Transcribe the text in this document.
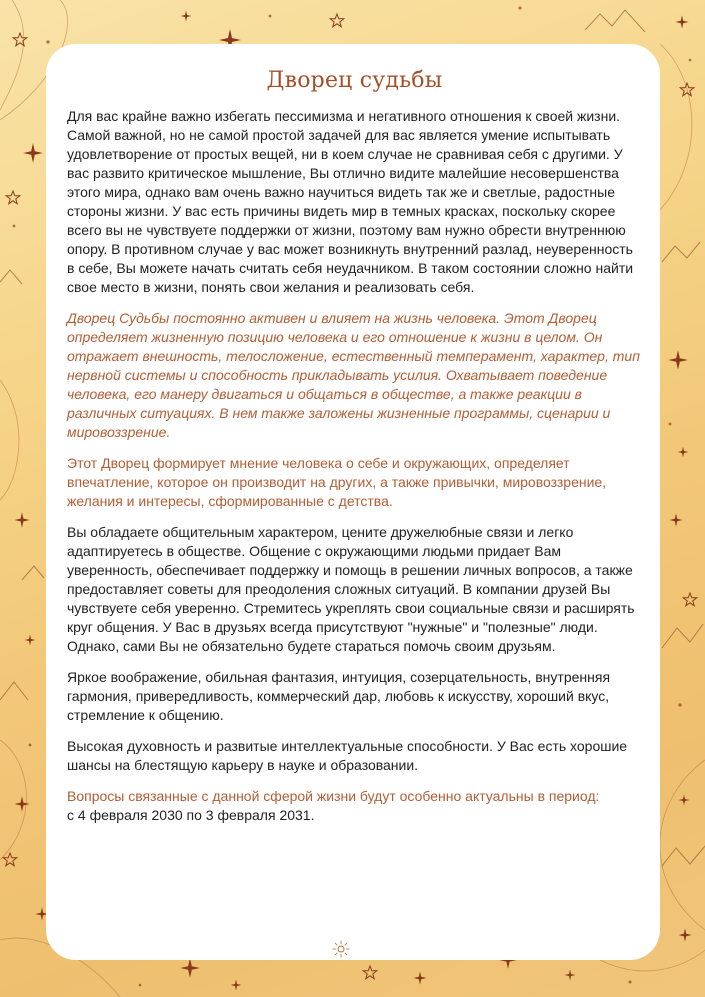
Дворец судьбы

Для вас крайне важно избегать пессимизма и негативного отношения к своей жизни. Самой важной, но не самой простой задачей для вас является умение испытывать удовлетворение от простых вещей, ни в коем случае не сравнивая себя с другими. У вас развито критическое мышление, Вы отлично видите малейшие несовершенства этого мира, однако вам очень важно научиться видеть так же и светлые, радостные стороны жизни. У вас есть причины видеть мир в темных красках, поскольку скорее всего вы не чувствуете поддержки от жизни, поэтому вам нужно обрести внутреннюю опору. В противном случае у вас может возникнуть внутренний разлад, неуверенность в себе, Вы можете начать считать себя неудачником. В таком состоянии сложно найти свое место в жизни, понять свои желания и реализовать себя.

Дворец Судьбы постоянно активен и влияет на жизнь человека. Этот Дворец определяет жизненную позицию человека и его отношение к жизни в целом. Он отражает внешность, телосложение, естественный темперамент, характер, тип нервной системы и способность прикладывать усилия. Охватывает поведение человека, его манеру двигаться и общаться в обществе, а также реакции в различных ситуациях. В нем также заложены жизненные программы, сценарии и мировоззрение.

Этот Дворец формирует мнение человека о себе и окружающих, определяет впечатление, которое он производит на других, а также привычки, мировоззрение, желания и интересы, сформированные с детства.

Вы обладаете общительным характером, цените дружелюбные связи и легко адаптируетесь в обществе. Общение с окружающими людьми придает Вам уверенность, обеспечивает поддержку и помощь в решении личных вопросов, а также предоставляет советы для преодоления сложных ситуаций. В компании друзей Вы чувствуете себя уверенно. Стремитесь укреплять свои социальные связи и расширять круг общения. У Вас в друзьях всегда присутствуют "нужные" и "полезные" люди. Однако, сами Вы не обязательно будете стараться помочь своим друзьям.

Яркое воображение, обильная фантазия, интуиция, созерцательность, внутренняя гармония, привередливость, коммерческий дар, любовь к искусству, хороший вкус, стремление к общению.

Высокая духовность и развитые интеллектуальные способности. У Вас есть хорошие шансы на блестящую карьеру в науке и образовании.

Вопросы связанные с данной сферой жизни будут особенно актуальны в период:
с 4 февраля 2030 по 3 февраля 2031.
